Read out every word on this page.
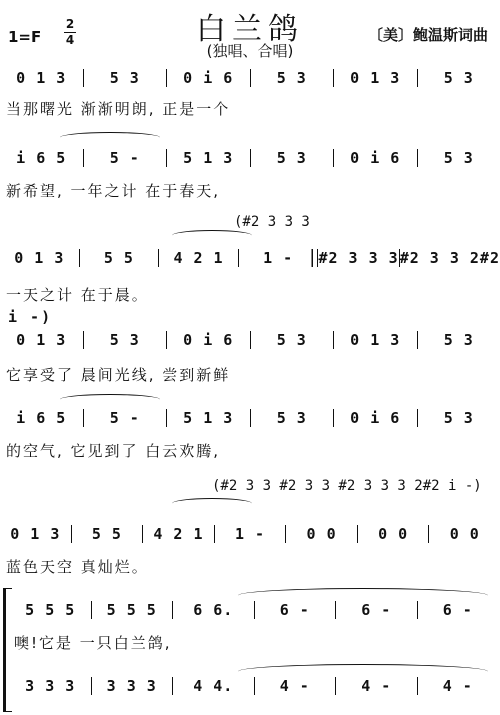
1=F
2
4	白兰鸽
(独唱、合唱)
〔美〕鲍温斯词曲
0 1 3	5 3	0 i 6	5 3	0 1 3	5 3
当那曙光 渐渐明朗, 正是一个
i 6 5	5 -	5 1 3	5 3	0 i 6	5 3
新希望, 一年之计 在于春天,
(#2 3 3 3
0 1 3	5 5	4 2 1	1 -	#2 3 3 3 #2 3 3 2#2
一天之计 在于晨。
i -)
0 1 3	5 3	0 i 6	5 3	0 1 3	5 3
它享受了 晨间光线, 尝到新鲜
i 6 5	5 -	5 1 3	5 3	0 i 6	5 3
的空气, 它见到了 白云欢腾,
(#2 3 3 #2 3 3 #2 3 3 3 2#2 i -)
0 1 3	5 5	4 2 1	1 -	0 0	0 0	0 0
蓝色天空 真灿烂。
5 5 5	5 5 5	6 6.	6 -	6 -	6 -
噢!它是 一只白兰鸽,
3 3 3	3 3 3	4 4.	4 -	4 -	4 -
